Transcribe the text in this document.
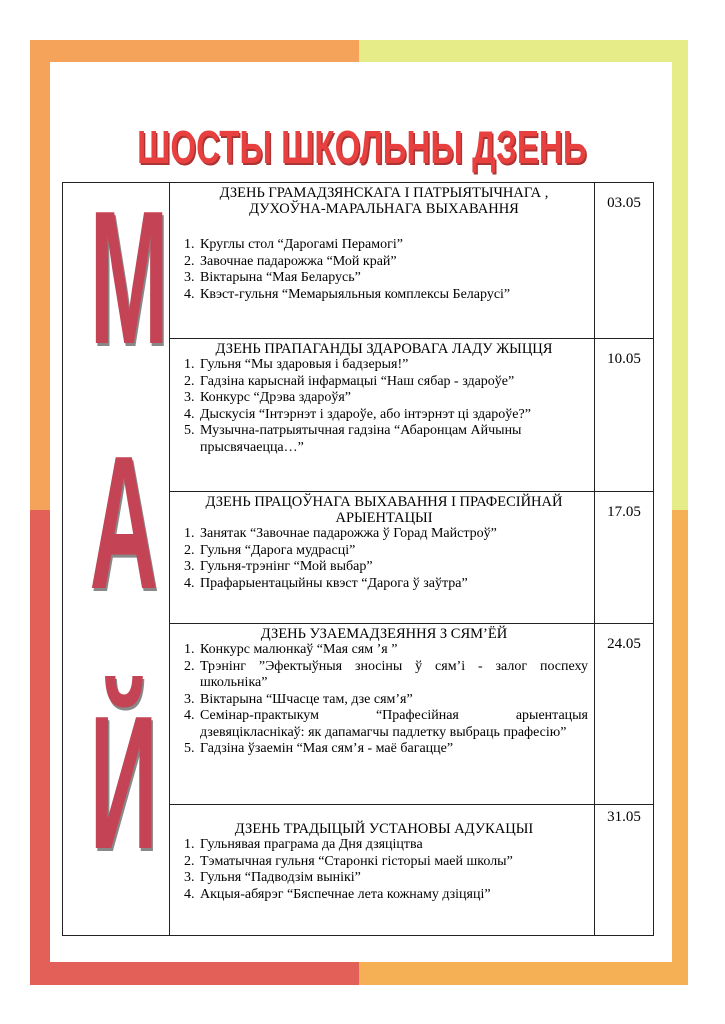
ШОСТЫ ШКОЛЬНЫ ДЗЕНЬ
М
А
Й

ДЗЕНЬ ГРАМАДЗЯНСКАГА І ПАТРЫЯТЫЧНАГА , ДУХОЎНА-МАРАЛЬНАГА ВЫХАВАННЯ

1. Круглы стол “Дарогамі Перамогі”
2. Завочнае падарожжа “Мой край”
3. Віктарына “Мая Беларусь”
4. Квэст-гульня “Мемарыяльныя комплексы Беларусі”
03.05

ДЗЕНЬ ПРАПАГАНДЫ ЗДАРОВАГА ЛАДУ ЖЫЦЦЯ

1. Гульня “Мы здаровыя і бадзерыя!”
2. Гадзіна карыснай інфармацыі “Наш сябар - здароўе”
3. Конкурс “Дрэва здароўя”
4. Дыскусія “Інтэрнэт і здароўе, або інтэрнэт ці здароўе?”
5. Музычна-патрыятычная гадзіна “Абаронцам Айчыны прысвячаецца…”
10.05

ДЗЕНЬ ПРАЦОЎНАГА ВЫХАВАННЯ І ПРАФЕСІЙНАЙ АРЫЕНТАЦЫІ

1. Занятак “Завочнае падарожжа ў Горад Майстроў”
2. Гульня “Дарога мудрасці”
3. Гульня-трэнінг “Мой выбар”
4. Прафарыентацыйны квэст “Дарога ў заўтра”
17.05

ДЗЕНЬ УЗАЕМАДЗЕЯННЯ З СЯМ’ЁЙ

1. Конкурс малюнкаў “Мая сям ’я ”
2. Трэнінг ”Эфектыўныя зносіны ў сям’і - залог поспеху школьніка”
3. Віктарына “Шчасце там, дзе сям’я”
4. Семінар-практыкум “Прафесійная арыентацыя дзевяцікласнікаў: як дапамагчы падлетку выбраць прафесію”
5. Гадзіна ўзаемін “Мая сям’я - маё багацце”
24.05

ДЗЕНЬ ТРАДЫЦЫЙ УСТАНОВЫ АДУКАЦЫІ

1. Гульнявая праграма да Дня дзяціцтва
2. Тэматычная гульня “Старонкі гісторыі маей школы”
3. Гульня “Падводзім вынікі”
4. Акцыя-абярэг “Бяспечнае лета кожнаму дзіцяці”
31.05
